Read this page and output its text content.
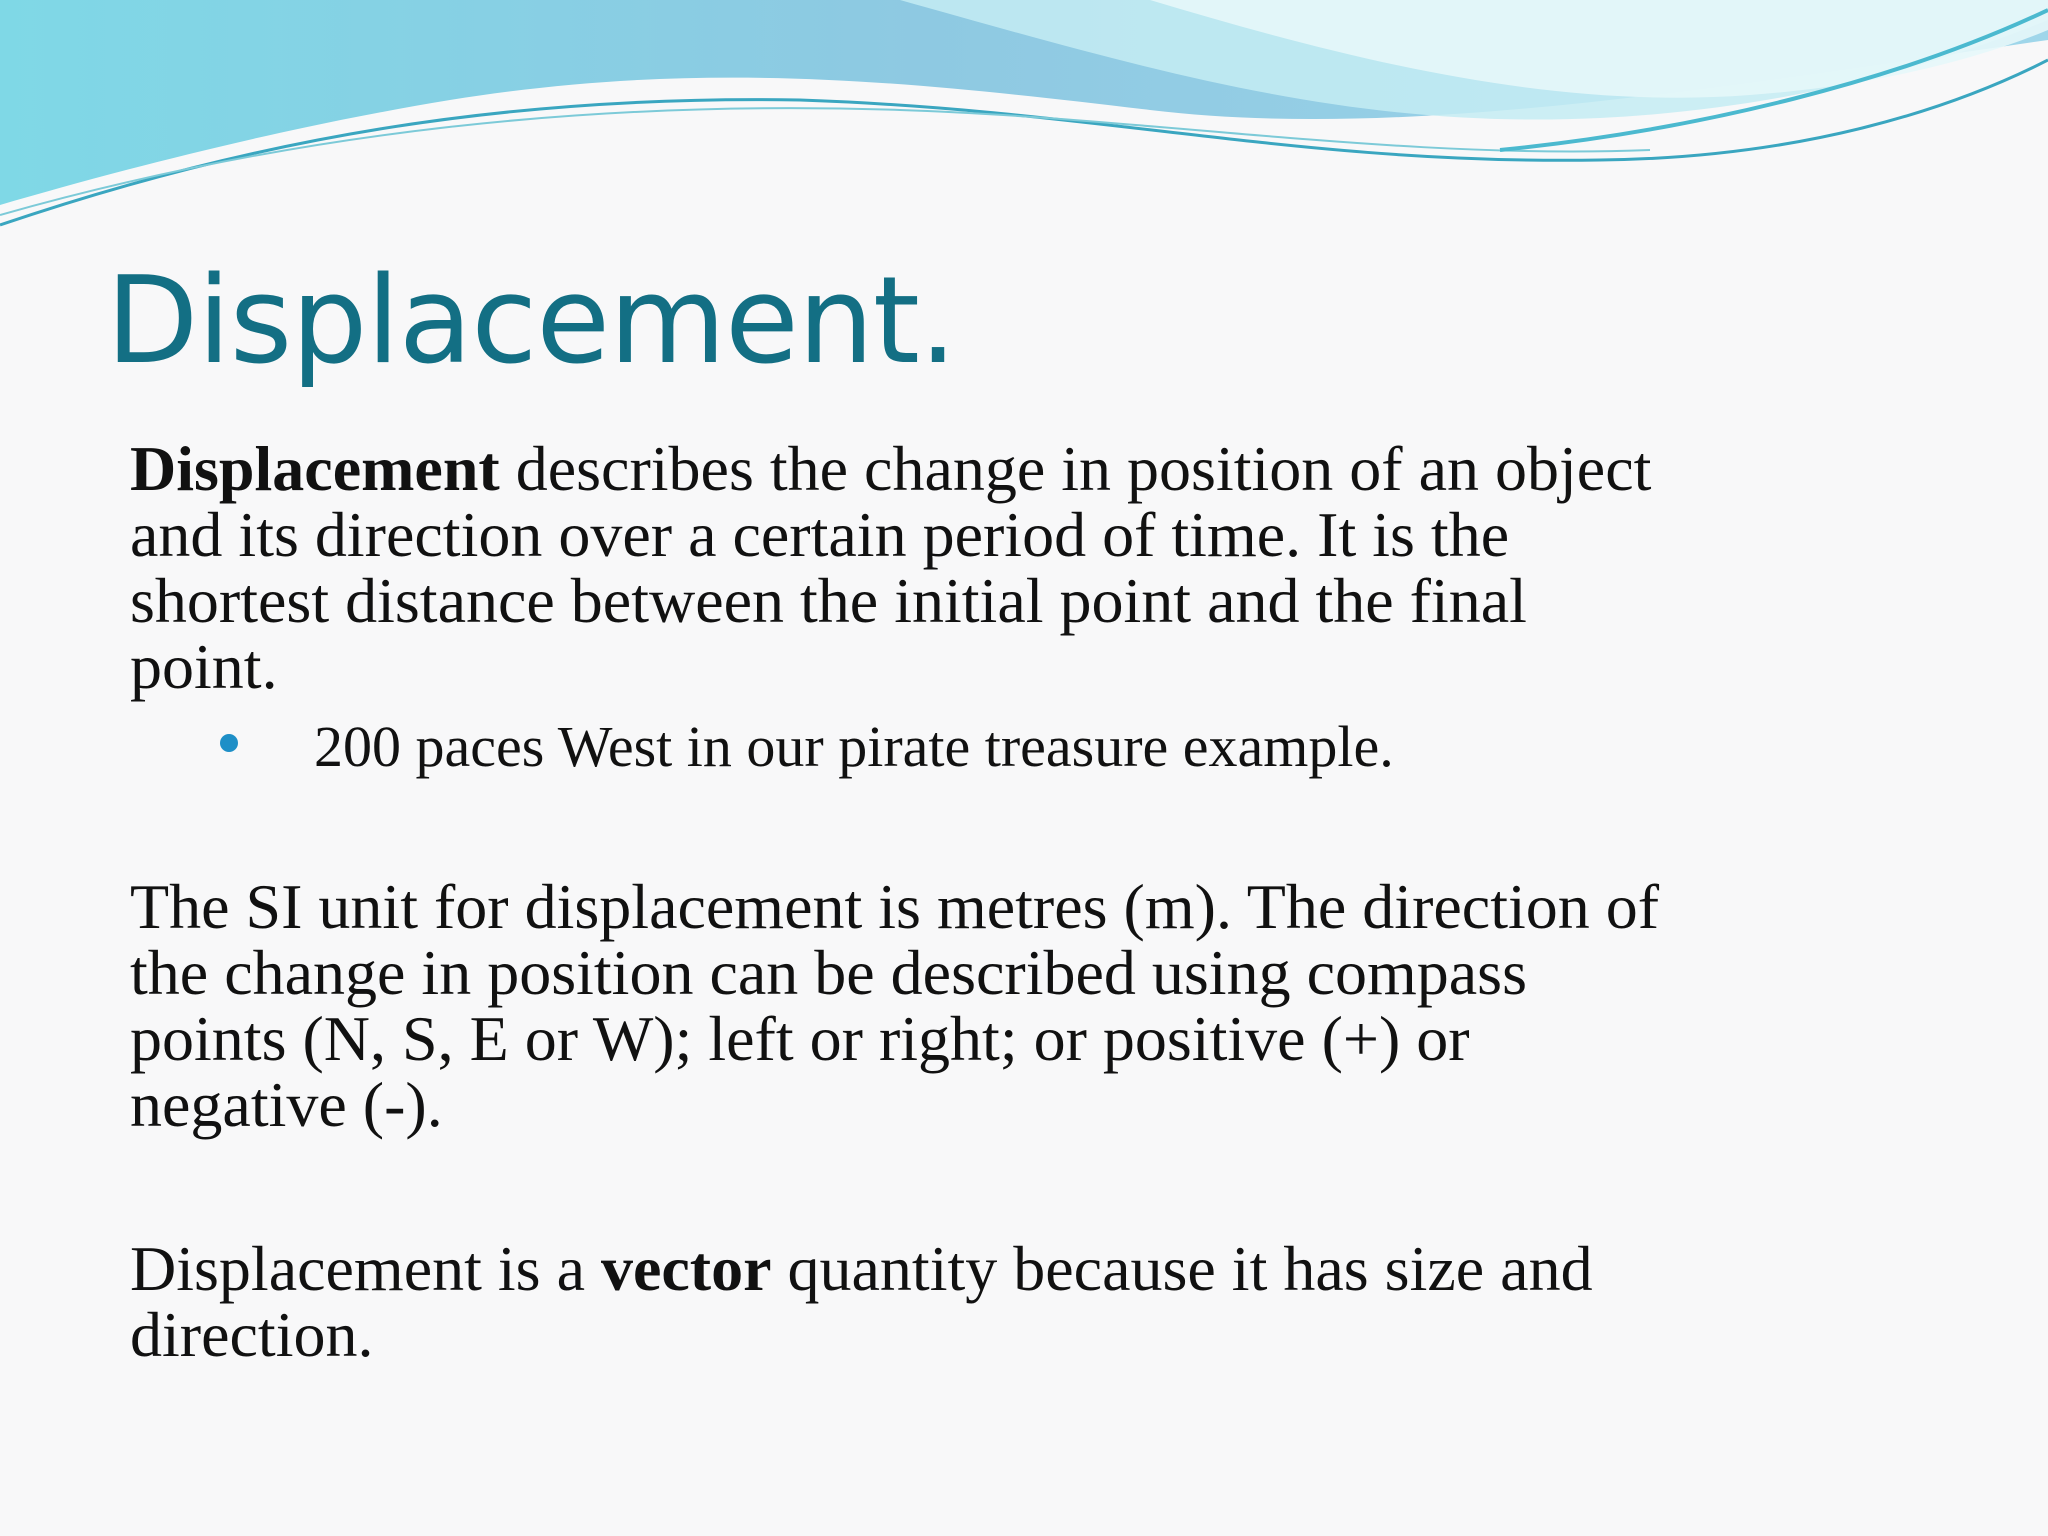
Displacement.

Displacement describes the change in position of an object
and its direction over a certain period of time. It is the
shortest distance between the initial point and the final
point.

200 paces West in our pirate treasure example.

The SI unit for displacement is metres (m). The direction of
the change in position can be described using compass
points (N, S, E or W); left or right; or positive (+) or
negative (-).

Displacement is a vector quantity because it has size and
direction.
